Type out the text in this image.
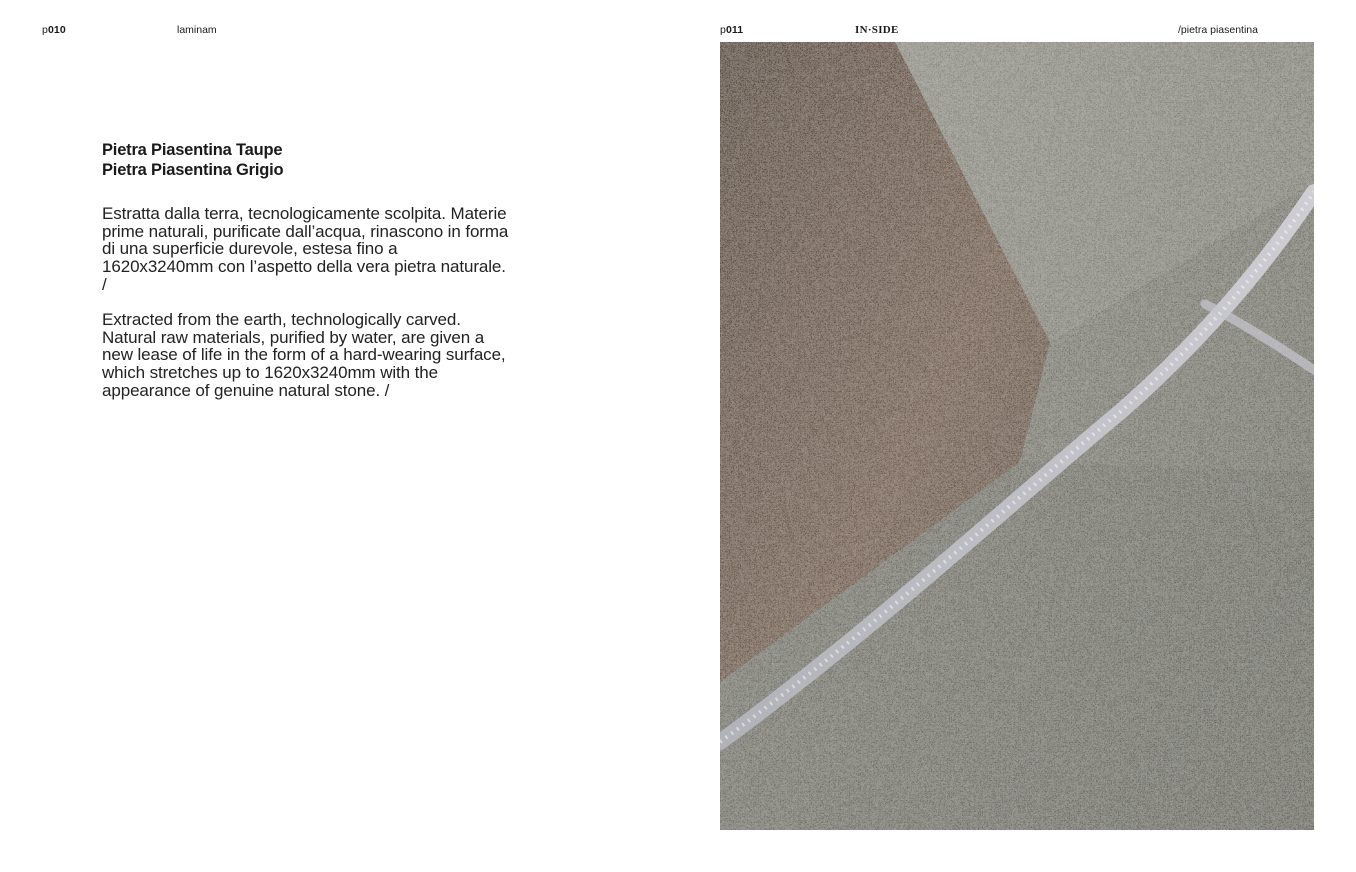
p010	laminam
Pietra Piasentina Taupe
Pietra Piasentina Grigio
Estratta dalla terra, tecnologicamente scolpita. Materie prime naturali, purificate dall’acqua, rinascono in forma di una superficie durevole, estesa fino a 1620x3240mm con l’aspetto della vera pietra naturale. /
Extracted from the earth, technologically carved. Natural raw materials, purified by water, are given a new lease of life in the form of a hard-wearing surface, which stretches up to 1620x3240mm with the appearance of genuine natural stone. /
p011	IN·SIDE	/pietra piasentina
